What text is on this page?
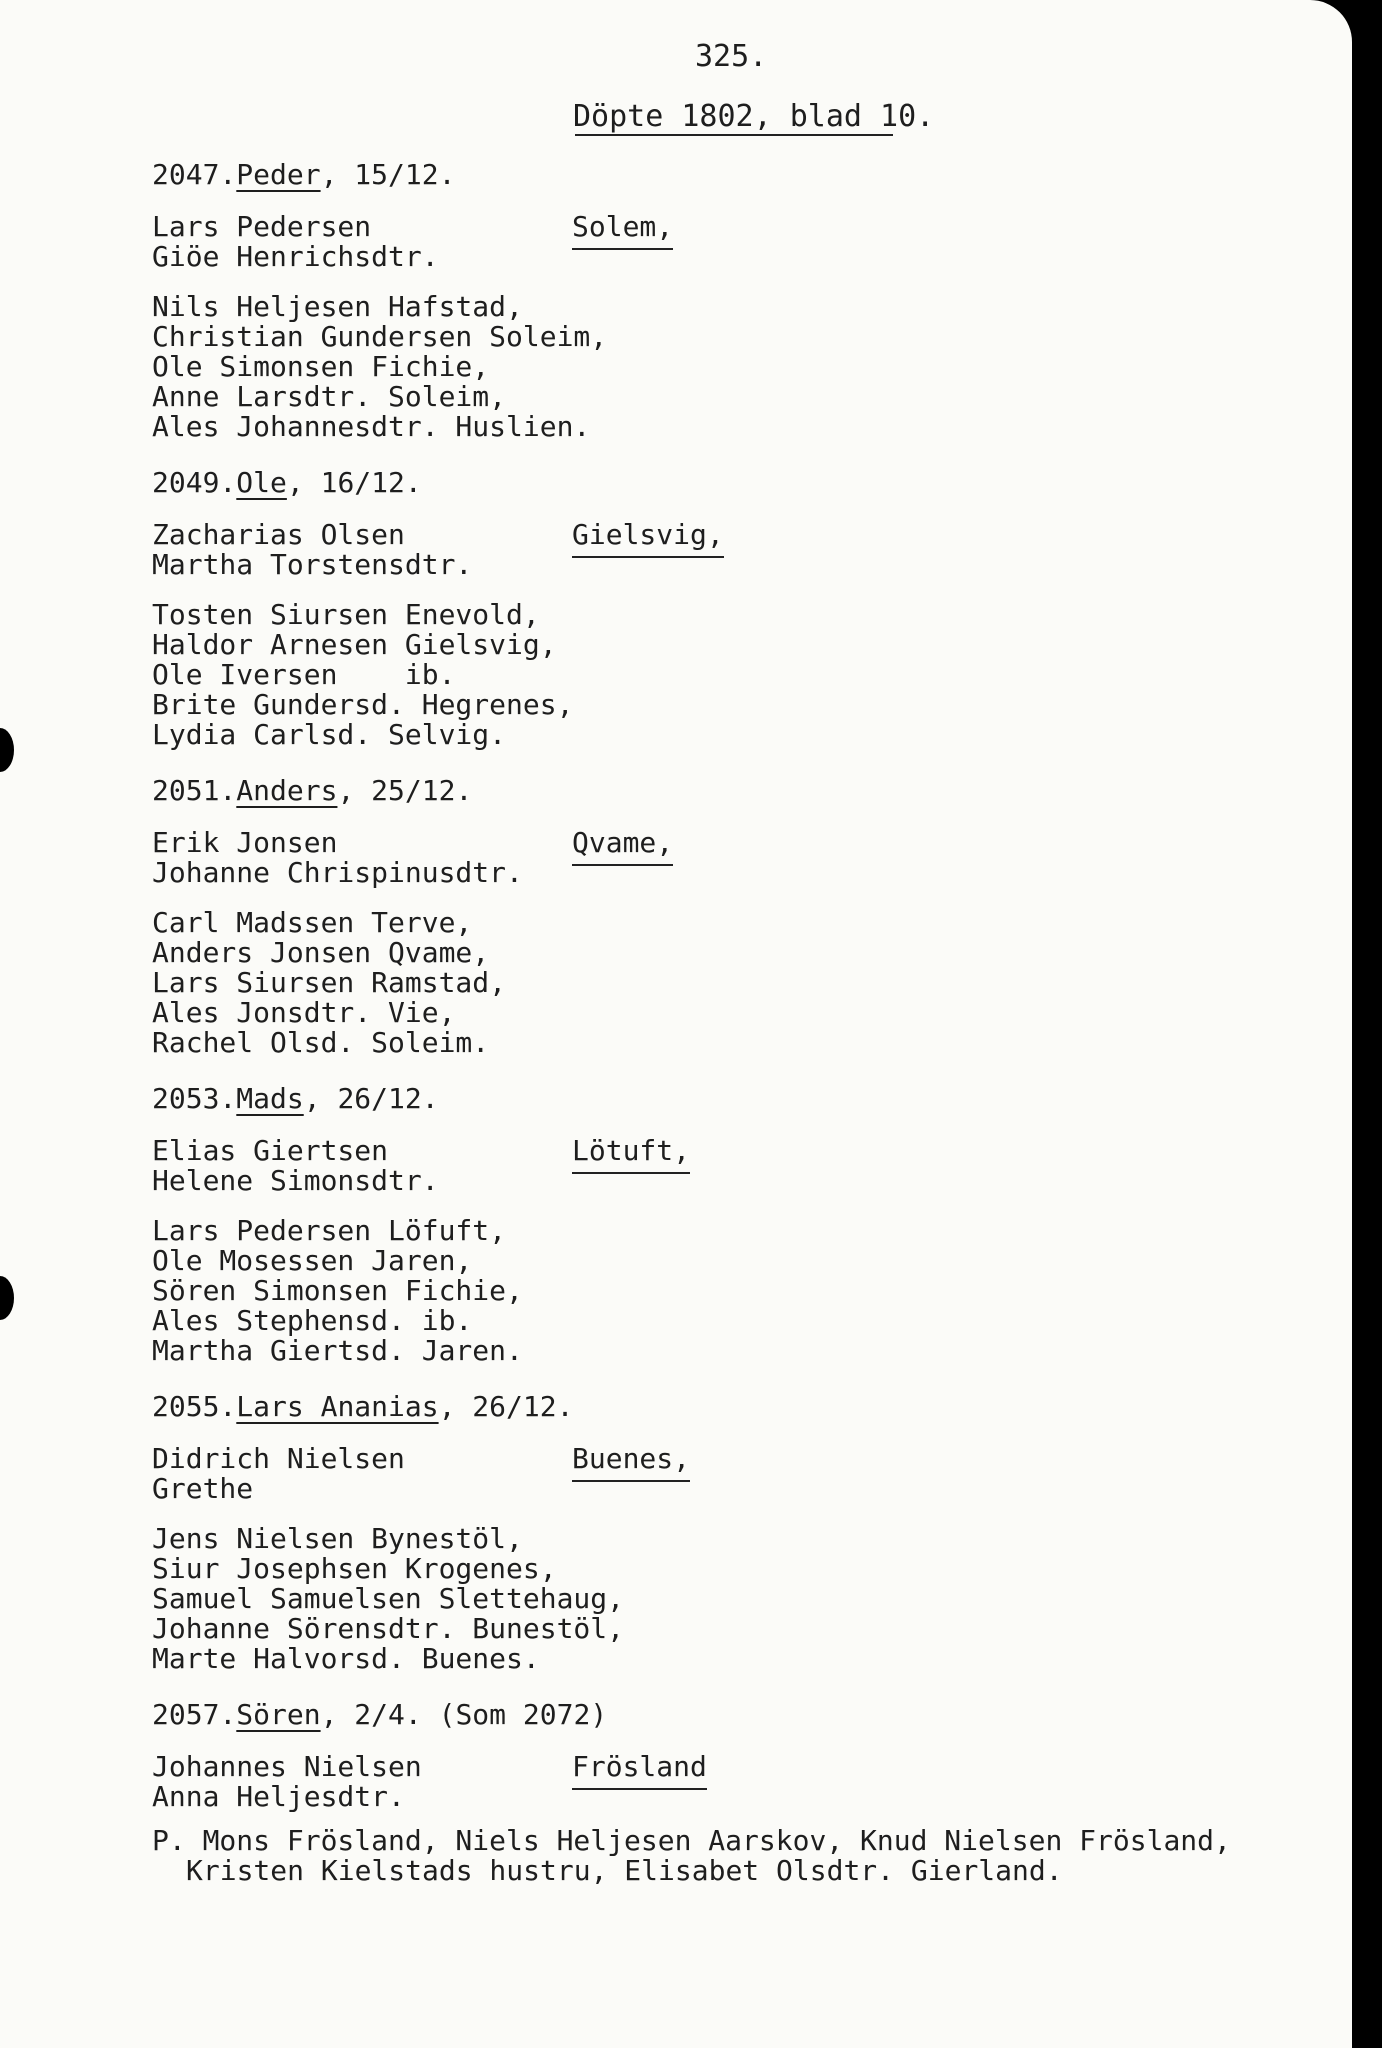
325.
Döpte 1802, blad 10.
2047.Peder, 15/12.
Lars Pedersen
Giöe Henrichsdtr.
Solem,
Nils Heljesen Hafstad,
Christian Gundersen Soleim,
Ole Simonsen Fichie,
Anne Larsdtr. Soleim,
Ales Johannesdtr. Huslien.
2049.Ole, 16/12.
Zacharias Olsen
Martha Torstensdtr.
Gielsvig,
Tosten Siursen Enevold,
Haldor Arnesen Gielsvig,
Ole Iversen    ib.
Brite Gundersd. Hegrenes,
Lydia Carlsd. Selvig.
2051.Anders, 25/12.
Erik Jonsen
Johanne Chrispinusdtr.
Qvame,
Carl Madssen Terve,
Anders Jonsen Qvame,
Lars Siursen Ramstad,
Ales Jonsdtr. Vie,
Rachel Olsd. Soleim.
2053.Mads, 26/12.
Elias Giertsen
Helene Simonsdtr.
Lötuft,
Lars Pedersen Löfuft,
Ole Mosessen Jaren,
Sören Simonsen Fichie,
Ales Stephensd. ib.
Martha Giertsd. Jaren.
2055.Lars Ananias, 26/12.
Didrich Nielsen
Grethe
Buenes,
Jens Nielsen Bynestöl,
Siur Josephsen Krogenes,
Samuel Samuelsen Slettehaug,
Johanne Sörensdtr. Bunestöl,
Marte Halvorsd. Buenes.
2057.Sören, 2/4. (Som 2072)
Johannes Nielsen
Anna Heljesdtr.
Frösland
P. Mons Frösland, Niels Heljesen Aarskov, Knud Nielsen Frösland,
Kristen Kielstads hustru, Elisabet Olsdtr. Gierland.
